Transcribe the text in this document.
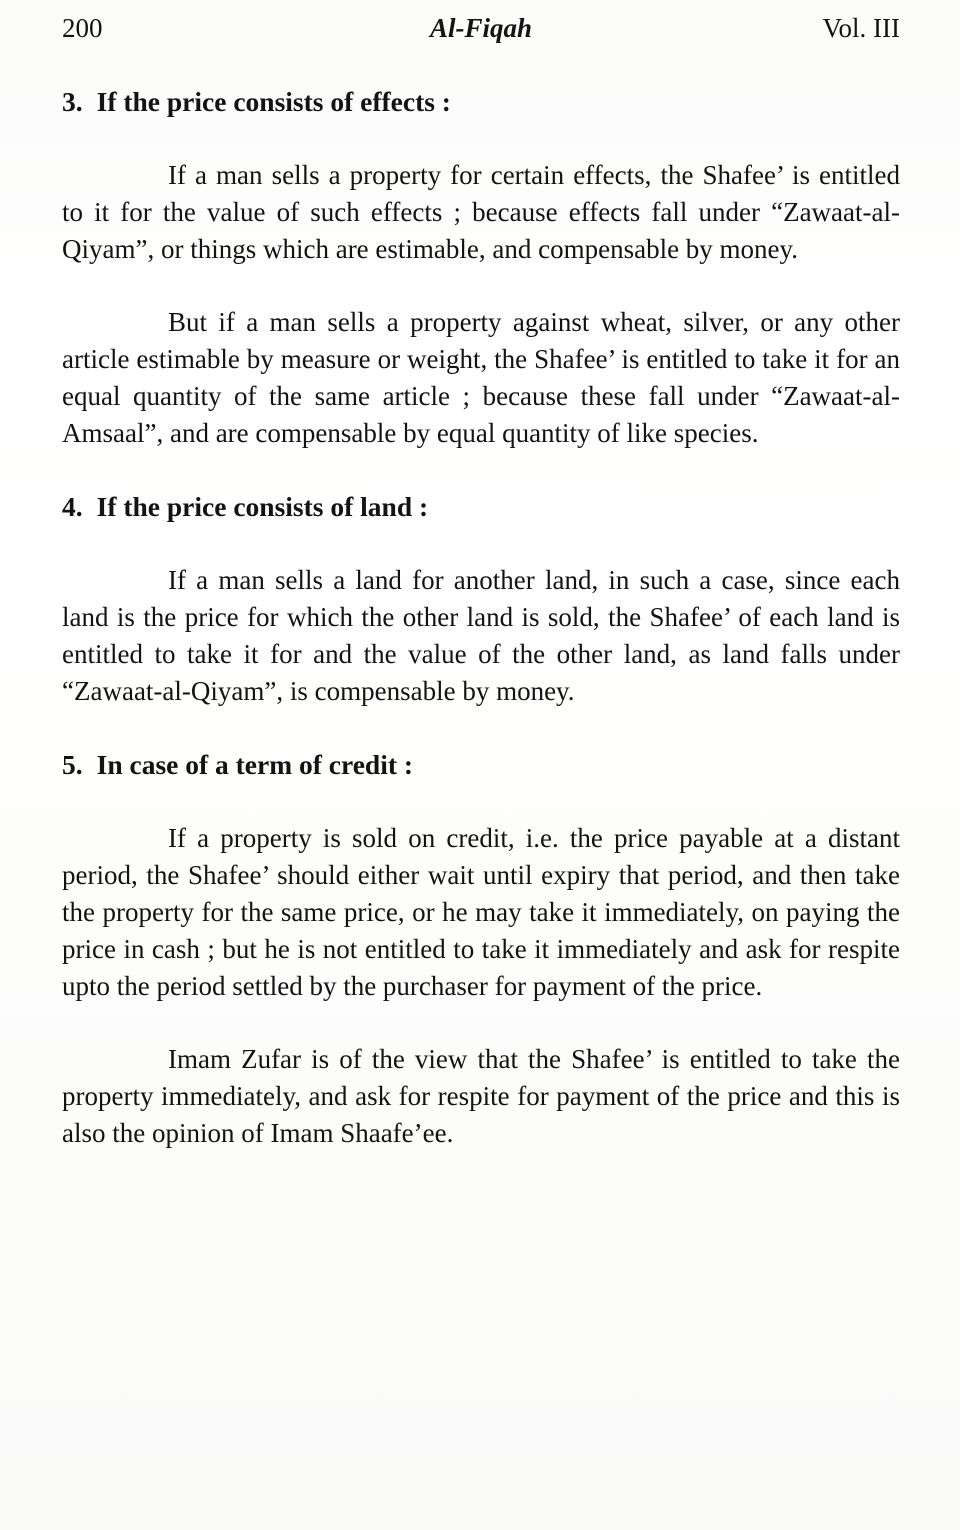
200	Al-Fiqah	Vol. III
3. If the price consists of effects :

If a man sells a property for certain effects, the Shafee’ is entitled to it for the value of such effects ; because effects fall under “Zawaat-al-Qiyam”, or things which are estimable, and compensable by money.

But if a man sells a property against wheat, silver, or any other article estimable by measure or weight, the Shafee’ is entitled to take it for an equal quantity of the same article ; because these fall under “Zawaat-al-Amsaal”, and are compensable by equal quantity of like species.

4. If the price consists of land :

If a man sells a land for another land, in such a case, since each land is the price for which the other land is sold, the Shafee’ of each land is entitled to take it for and the value of the other land, as land falls under “Zawaat-al-Qiyam”, is compensable by money.

5. In case of a term of credit :

If a property is sold on credit, i.e. the price payable at a distant period, the Shafee’ should either wait until expiry that period, and then take the property for the same price, or he may take it immediately, on paying the price in cash ; but he is not entitled to take it immediately and ask for respite upto the period settled by the purchaser for payment of the price.

Imam Zufar is of the view that the Shafee’ is entitled to take the property immediately, and ask for respite for payment of the price and this is also the opinion of Imam Shaafe’ee.
